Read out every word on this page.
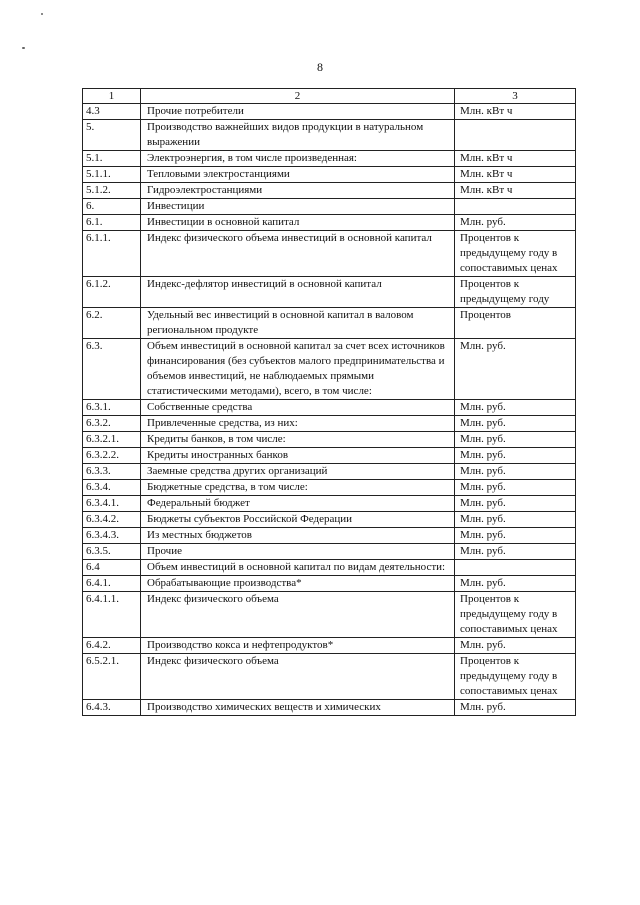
8
1	2	3
4.3	Прочие потребители	Млн. кВт ч
5.	Производство важнейших видов продукции в натуральном выражении	
5.1.	Электроэнергия, в том числе произведенная:	Млн. кВт ч
5.1.1.	Тепловыми электростанциями	Млн. кВт ч
5.1.2.	Гидроэлектростанциями	Млн. кВт ч
6.	Инвестиции	
6.1.	Инвестиции в основной капитал	Млн. руб.
6.1.1.	Индекс физического объема инвестиций в основной капитал	Процентов к предыдущему году в сопоставимых ценах
6.1.2.	Индекс-дефлятор инвестиций в основной капитал	Процентов к предыдущему году
6.2.	Удельный вес инвестиций в основной капитал в валовом региональном продукте	Процентов
6.3.	Объем инвестиций в основной капитал за счет всех источников финансирования (без субъектов малого предпринимательства и объемов инвестиций, не наблюдаемых прямыми статистическими методами), всего, в том числе:	Млн. руб.
6.3.1.	Собственные средства	Млн. руб.
6.3.2.	Привлеченные средства, из них:	Млн. руб.
6.3.2.1.	Кредиты банков, в том числе:	Млн. руб.
6.3.2.2.	Кредиты иностранных банков	Млн. руб.
6.3.3.	Заемные средства других организаций	Млн. руб.
6.3.4.	Бюджетные средства, в том числе:	Млн. руб.
6.3.4.1.	Федеральный бюджет	Млн. руб.
6.3.4.2.	Бюджеты субъектов Российской Федерации	Млн. руб.
6.3.4.3.	Из местных бюджетов	Млн. руб.
6.3.5.	Прочие	Млн. руб.
6.4	Объем инвестиций в основной капитал по видам деятельности:	
6.4.1.	Обрабатывающие производства*	Млн. руб.
6.4.1.1.	Индекс физического объема	Процентов к предыдущему году в сопоставимых ценах
6.4.2.	Производство кокса и нефтепродуктов*	Млн. руб.
6.5.2.1.	Индекс физического объема	Процентов к предыдущему году в сопоставимых ценах
6.4.3.	Производство химических веществ и химических	Млн. руб.
